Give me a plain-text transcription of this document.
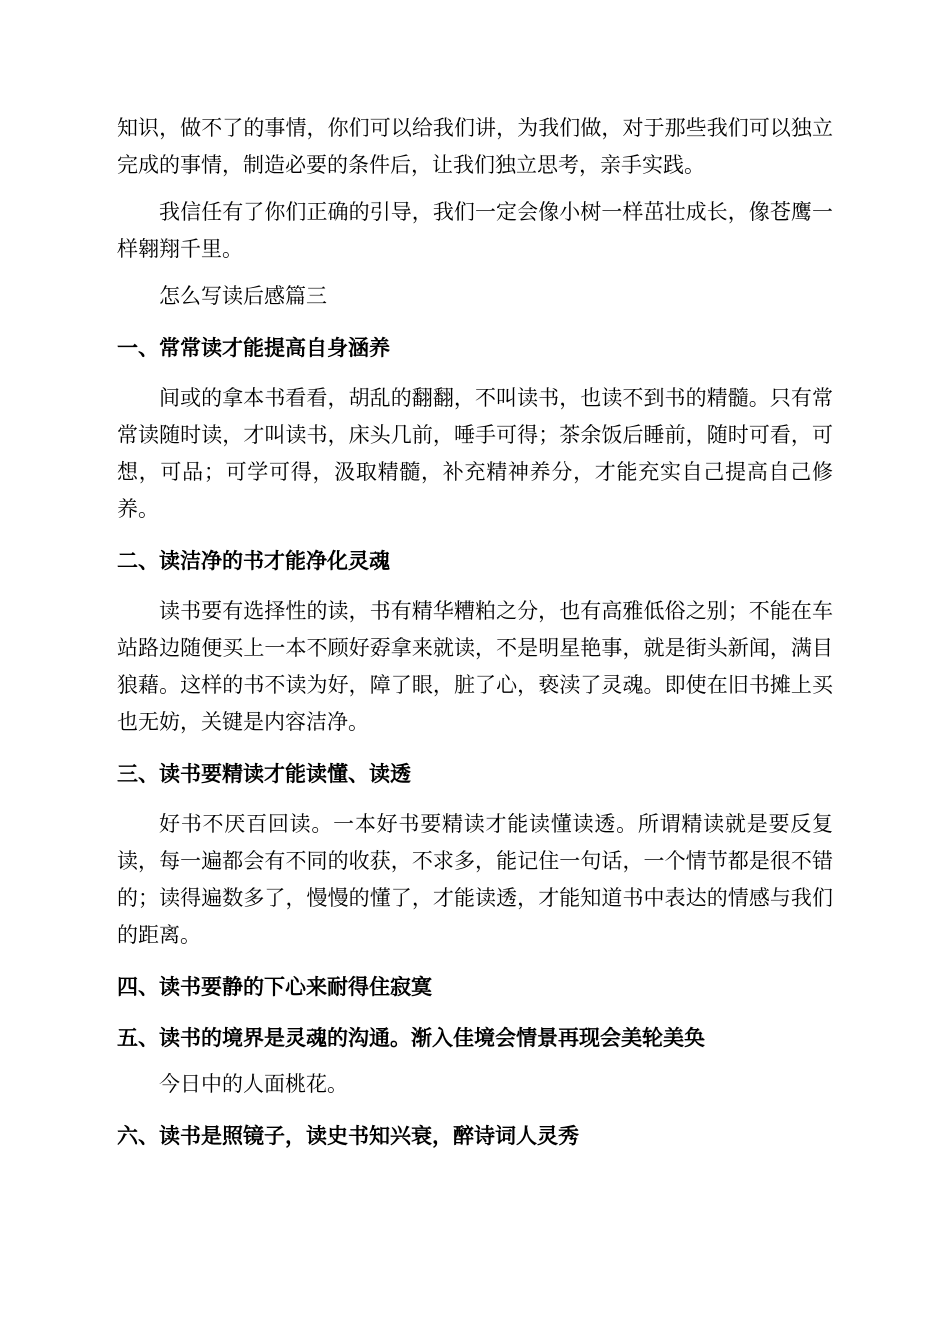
知识，做不了的事情，你们可以给我们讲，为我们做，对于那些我们可以独立完成的事情，制造必要的条件后，让我们独立思考，亲手实践。

我信任有了你们正确的引导，我们一定会像小树一样茁壮成长，像苍鹰一样翱翔千里。

怎么写读后感篇三

一、常常读才能提高自身涵养

间或的拿本书看看，胡乱的翻翻，不叫读书，也读不到书的精髓。只有常常读随时读，才叫读书，床头几前，唾手可得；茶余饭后睡前，随时可看，可想，可品；可学可得，汲取精髓，补充精神养分，才能充实自己提高自己修养。

二、读洁净的书才能净化灵魂

读书要有选择性的读，书有精华糟粕之分，也有高雅低俗之别；不能在车站路边随便买上一本不顾好孬拿来就读，不是明星艳事，就是街头新闻，满目狼藉。这样的书不读为好，障了眼，脏了心，亵渎了灵魂。即使在旧书摊上买也无妨，关键是内容洁净。

三、读书要精读才能读懂、读透

好书不厌百回读。一本好书要精读才能读懂读透。所谓精读就是要反复读，每一遍都会有不同的收获，不求多，能记住一句话，一个情节都是很不错的；读得遍数多了，慢慢的懂了，才能读透，才能知道书中表达的情感与我们的距离。

四、读书要静的下心来耐得住寂寞

五、读书的境界是灵魂的沟通。渐入佳境会情景再现会美轮美奂

今日中的人面桃花。

六、读书是照镜子，读史书知兴衰，醉诗词人灵秀
